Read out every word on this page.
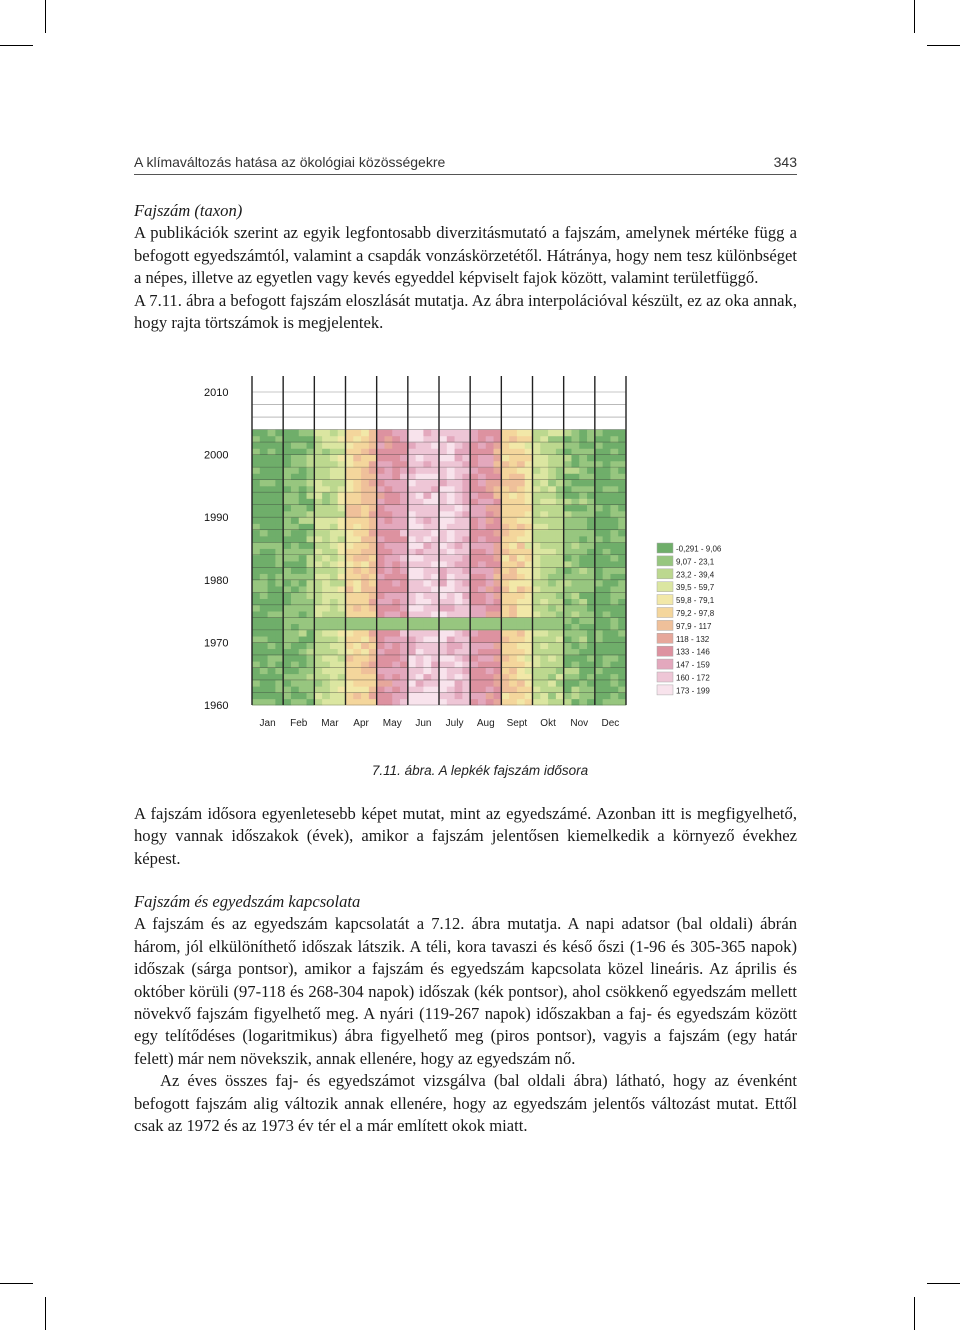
A klímaváltozás hatása az ökológiai közösségekre	343

Fajszám (taxon)

A publikációk szerint az egyik legfontosabb diverzitásmutató a fajszám, amelynek mértéke függ a befogott egyedszámtól, valamint a csapdák vonzáskörzetétől. Hátránya, hogy nem tesz különbséget a népes, illetve az egyetlen vagy kevés egyeddel képviselt fajok között, valamint területfüggő.

A 7.11. ábra a befogott fajszám eloszlását mutatja. Az ábra interpolációval készült, ez az oka annak, hogy rajta törtszámok is megjelentek.

1960
1970
1980
1990
2000
2010
Jan Feb Mar Apr May Jun July Aug Sept Okt Nov Dec
-0,291 - 9,06
9,07 - 23,1
23,2 - 39,4
39,5 - 59,7
59,8 - 79,1
79,2 - 97,8
97,9 - 117
118 - 132
133 - 146
147 - 159
160 - 172
173 - 199
7.11. ábra. A lepkék fajszám idősora

A fajszám idősora egyenletesebb képet mutat, mint az egyedszámé. Azonban itt is megfigyelhető, hogy vannak időszakok (évek), amikor a fajszám jelentősen kiemelkedik a környező évekhez képest.

Fajszám és egyedszám kapcsolata

A fajszám és az egyedszám kapcsolatát a 7.12. ábra mutatja. A napi adatsor (bal oldali) ábrán három, jól elkülöníthető időszak látszik. A téli, kora tavaszi és késő őszi (1-96 és 305-365 napok) időszak (sárga pontsor), amikor a fajszám és egyedszám kapcsolata közel lineáris. Az április és október körüli (97-118 és 268-304 napok) időszak (kék pontsor), ahol csökkenő egyedszám mellett növekvő fajszám figyelhető meg. A nyári (119-267 napok) időszakban a faj- és egyedszám között egy telítődéses (logaritmikus) ábra figyelhető meg (piros pontsor), vagyis a fajszám (egy határ felett) már nem növekszik, annak ellenére, hogy az egyedszám nő.

Az éves összes faj- és egyedszámot vizsgálva (bal oldali ábra) látható, hogy az évenként befogott fajszám alig változik annak ellenére, hogy az egyedszám jelentős változást mutat. Ettől csak az 1972 és az 1973 év tér el a már említett okok miatt.
